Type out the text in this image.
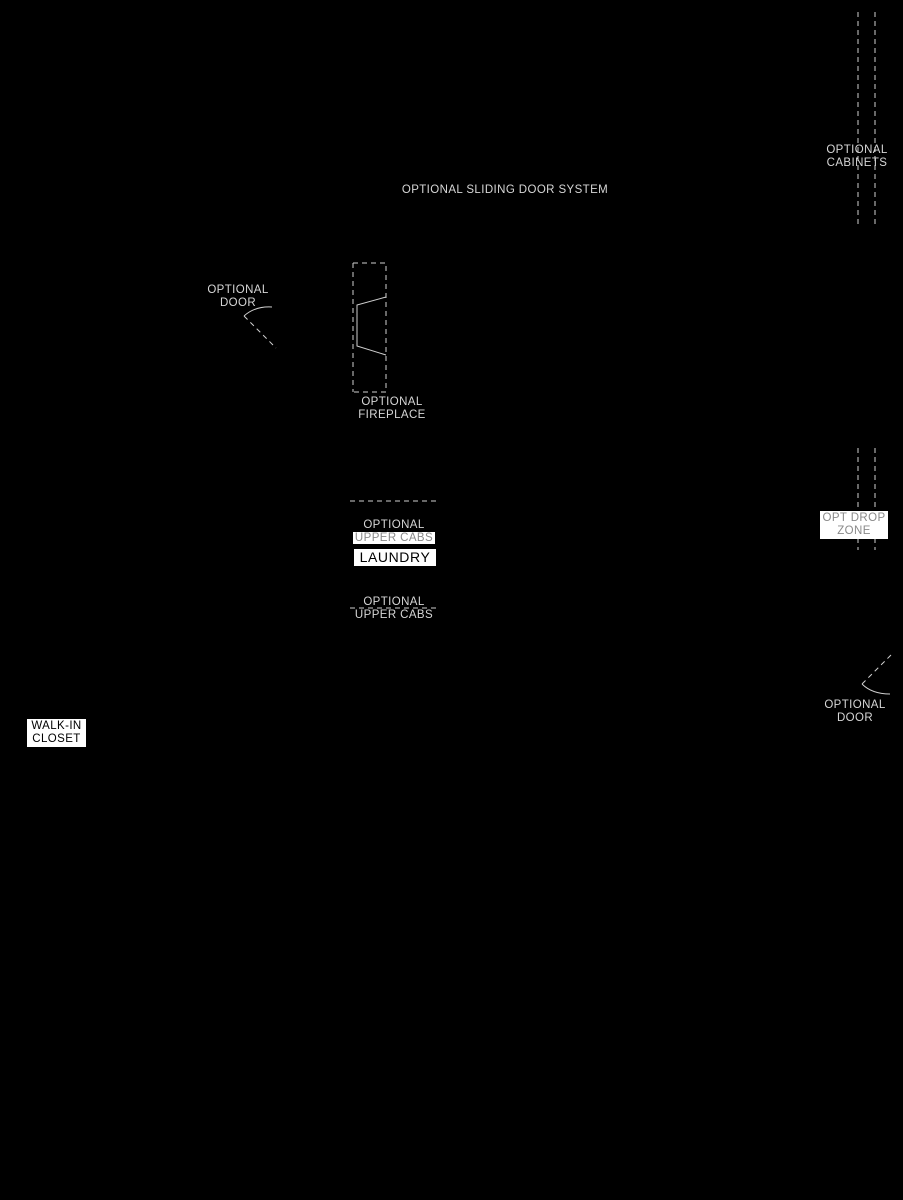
OPTIONAL
CABINETS
OPTIONAL SLIDING DOOR SYSTEM
OPTIONAL
DOOR
OPTIONAL
FIREPLACE
OPTIONAL
UPPER CABS
LAUNDRY
OPTIONAL
UPPER CABS
OPT DROP
ZONE
OPTIONAL
DOOR
WALK-IN
CLOSET
